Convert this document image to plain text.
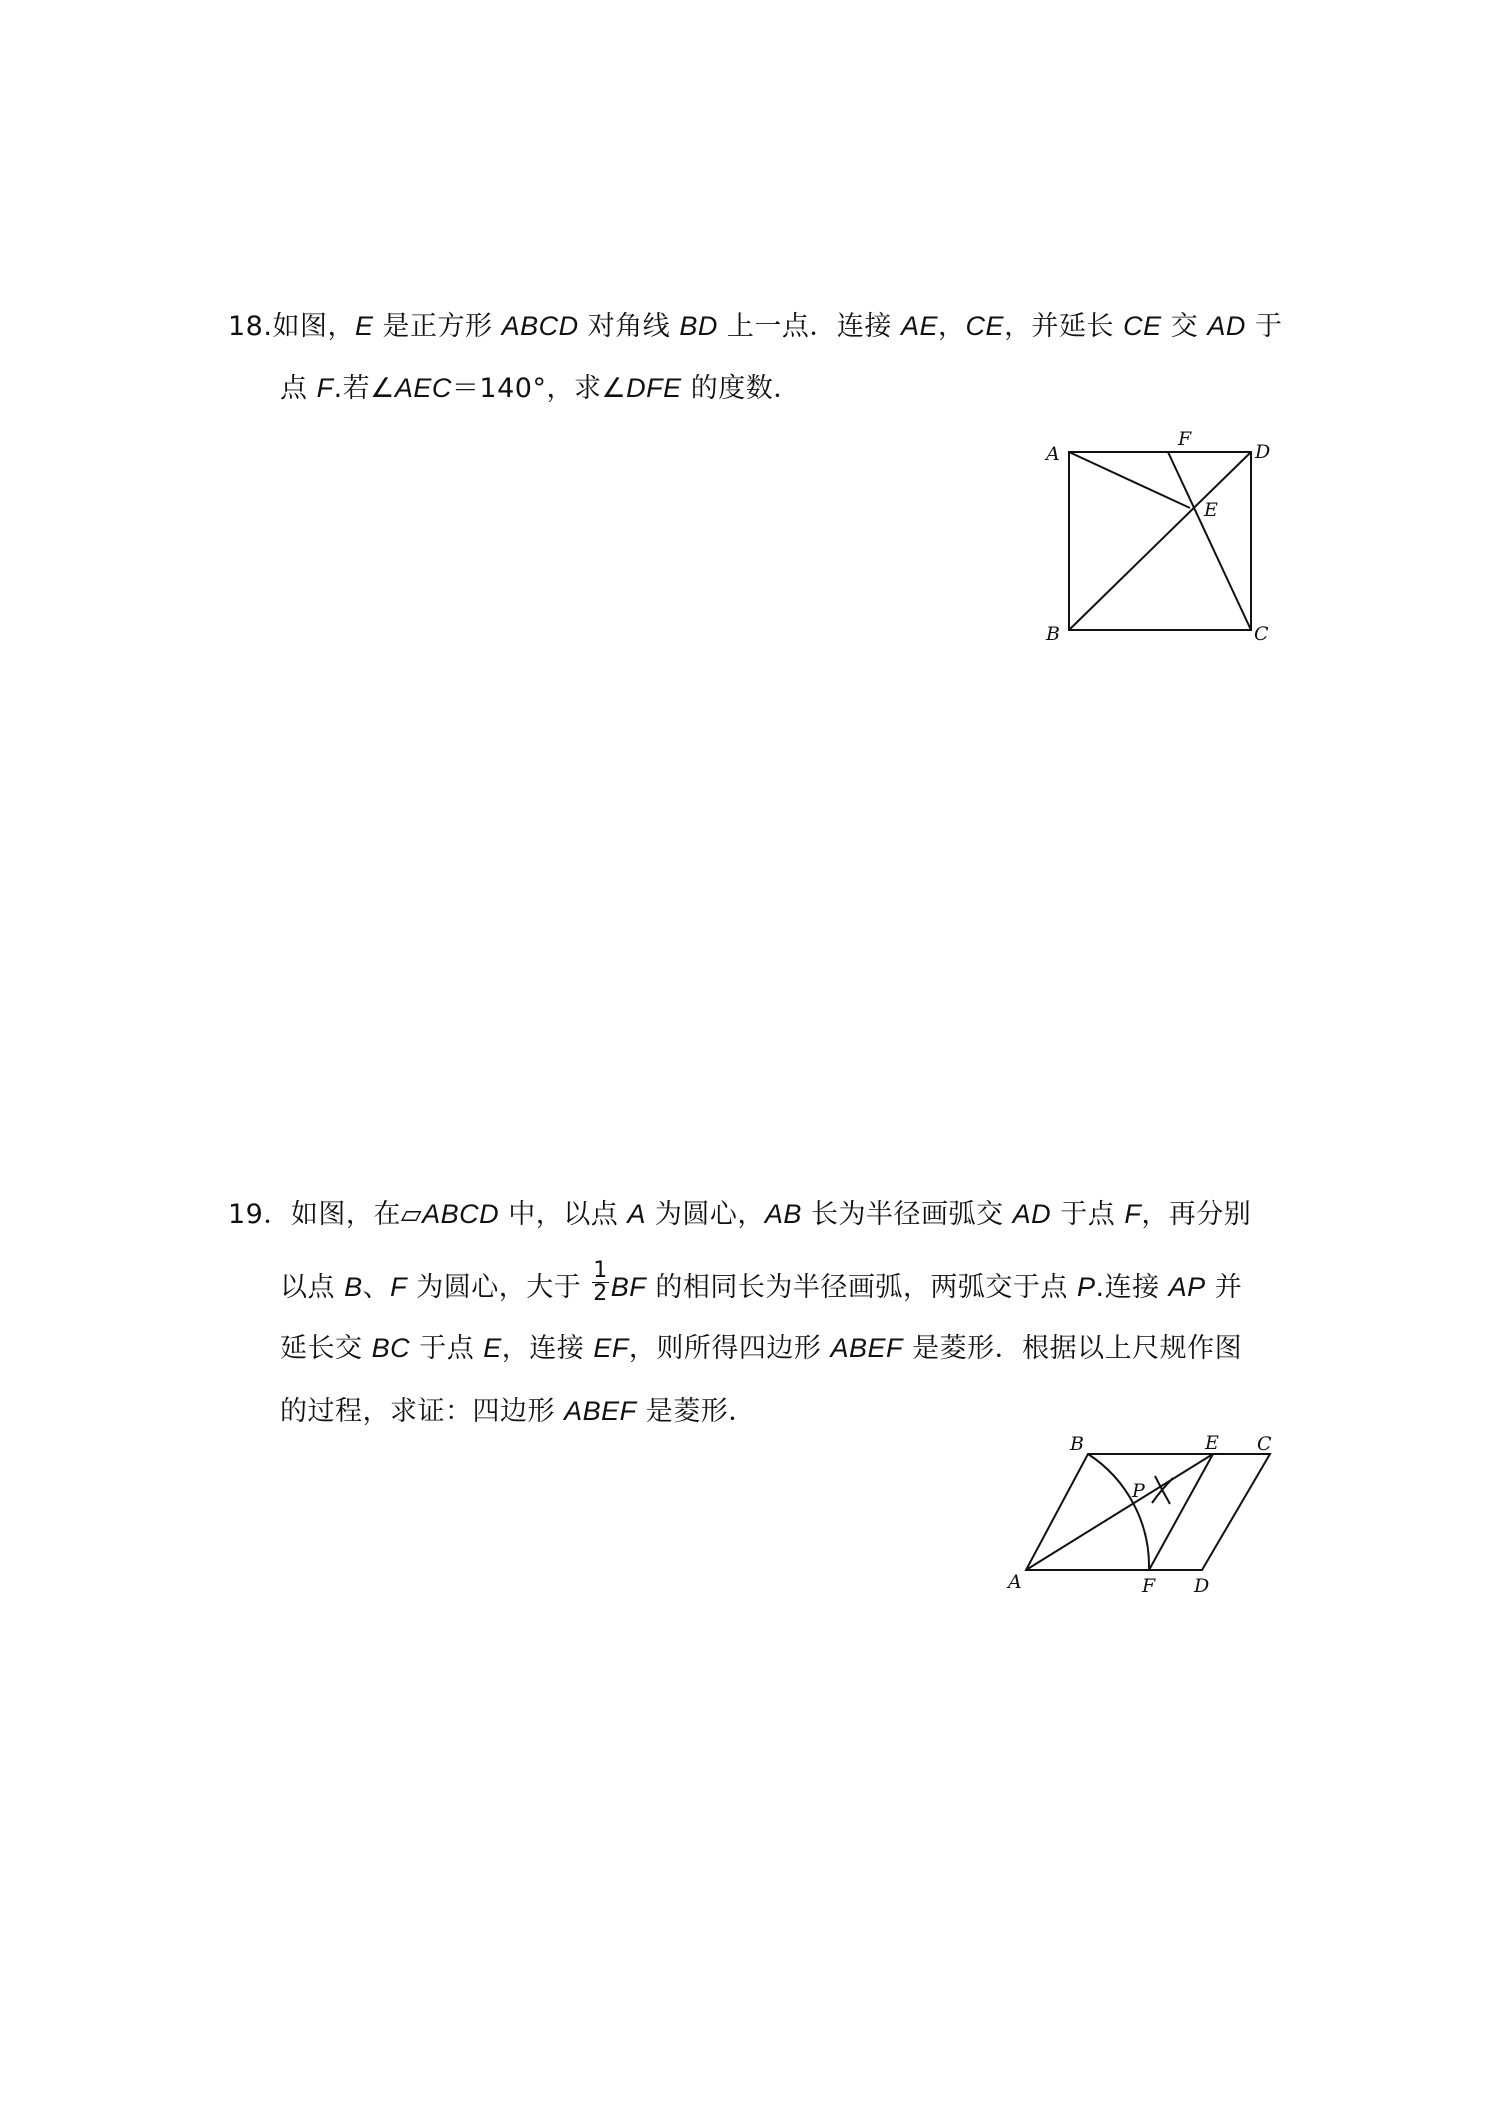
18.如图，E 是正方形 ABCD 对角线 BD 上一点．连接 AE，CE，并延长 CE 交 AD 于
点 F.若∠AEC＝140°，求∠DFE 的度数．
A
F
D
E
B	C
19．如图，在▱ABCD 中，以点 A 为圆心，AB 长为半径画弧交 AD 于点 F，再分别
以点 B、F 为圆心，大于 $\frac{1}{2}$ BF 的相同长为半径画弧，两弧交于点 P.连接 AP 并
延长交 BC 于点 E，连接 EF，则所得四边形 ABEF 是菱形．根据以上尺规作图
的过程，求证：四边形 ABEF 是菱形．
B	E C
P
A	F D
